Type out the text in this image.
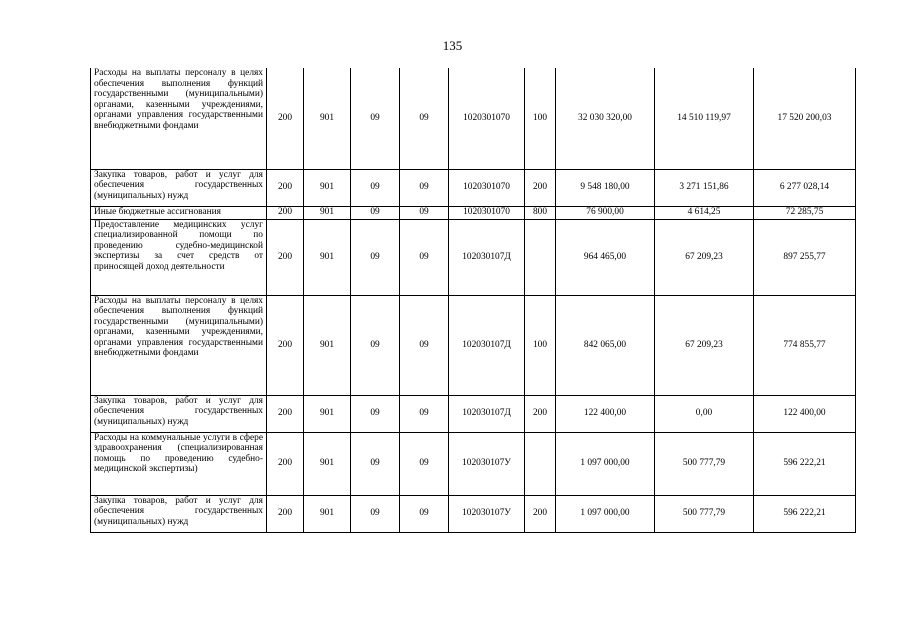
135
Расходы на выплаты персоналу в целях обеспечения выполнения функций государственными (муниципальными) органами, казенными учреждениями, органами управления государственными внебюджетными фондами	200	901	09	09	1020301070	100	32 030 320,00	14 510 119,97	17 520 200,03
Закупка товаров, работ и услуг для обеспечения государственных (муниципальных) нужд	200	901	09	09	1020301070	200	9 548 180,00	3 271 151,86	6 277 028,14
Иные бюджетные ассигнования	200	901	09	09	1020301070	800	76 900,00	4 614,25	72 285,75
Предоставление медицинских услуг специализированной помощи по проведению судебно-медицинской экспертизы за счет средств от приносящей доход деятельности	200	901	09	09	102030107Д		964 465,00	67 209,23	897 255,77
Расходы на выплаты персоналу в целях обеспечения выполнения функций государственными (муниципальными) органами, казенными учреждениями, органами управления государственными внебюджетными фондами	200	901	09	09	102030107Д	100	842 065,00	67 209,23	774 855,77
Закупка товаров, работ и услуг для обеспечения государственных (муниципальных) нужд	200	901	09	09	102030107Д	200	122 400,00	0,00	122 400,00
Расходы на коммунальные услуги в сфере здравоохранения (специализированная помощь по проведению судебно-медицинской экспертизы)	200	901	09	09	102030107У		1 097 000,00	500 777,79	596 222,21
Закупка товаров, работ и услуг для обеспечения государственных (муниципальных) нужд	200	901	09	09	102030107У	200	1 097 000,00	500 777,79	596 222,21
